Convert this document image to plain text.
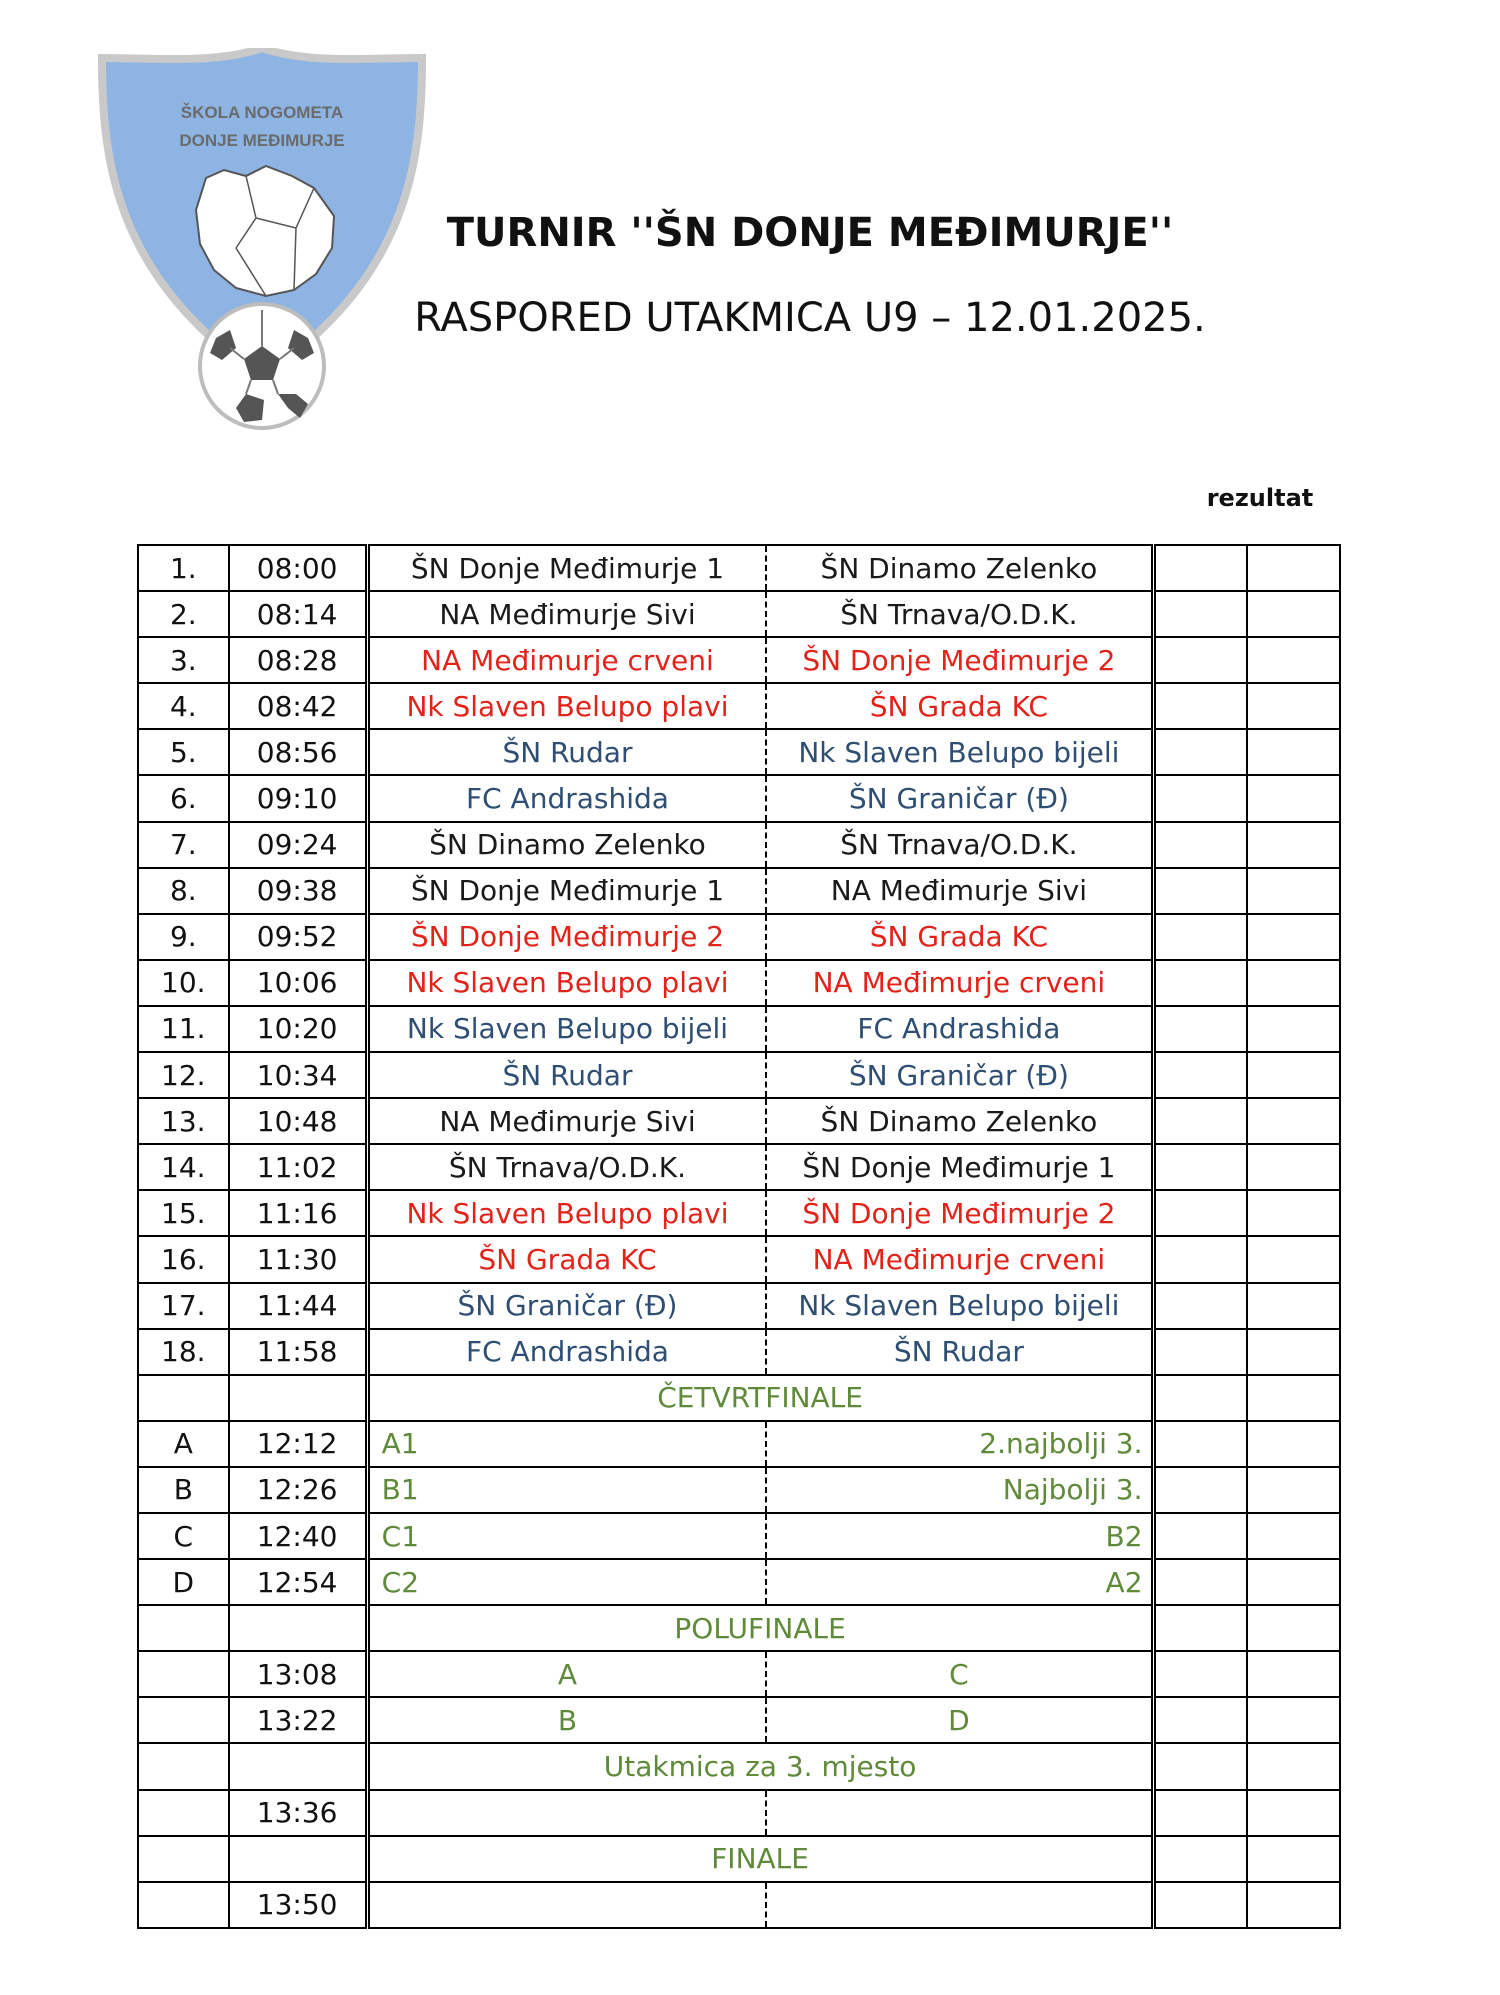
ŠKOLA NOGOMETA
DONJE MEĐIMURJE
TURNIR ''ŠN DONJE MEĐIMURJE''
RASPORED UTAKMICA U9 – 12.01.2025.
rezultat
1.	08:00	ŠN Donje Međimurje 1	ŠN Dinamo Zelenko		
2.	08:14	NA Međimurje Sivi	ŠN Trnava/O.D.K.		
3.	08:28	NA Međimurje crveni	ŠN Donje Međimurje 2		
4.	08:42	Nk Slaven Belupo plavi	ŠN Grada KC		
5.	08:56	ŠN Rudar	Nk Slaven Belupo bijeli		
6.	09:10	FC Andrashida	ŠN Graničar (Đ)		
7.	09:24	ŠN Dinamo Zelenko	ŠN Trnava/O.D.K.		
8.	09:38	ŠN Donje Međimurje 1	NA Međimurje Sivi		
9.	09:52	ŠN Donje Međimurje 2	ŠN Grada KC		
10.	10:06	Nk Slaven Belupo plavi	NA Međimurje crveni		
11.	10:20	Nk Slaven Belupo bijeli	FC Andrashida		
12.	10:34	ŠN Rudar	ŠN Graničar (Đ)		
13.	10:48	NA Međimurje Sivi	ŠN Dinamo Zelenko		
14.	11:02	ŠN Trnava/O.D.K.	ŠN Donje Međimurje 1		
15.	11:16	Nk Slaven Belupo plavi	ŠN Donje Međimurje 2		
16.	11:30	ŠN Grada KC	NA Međimurje crveni		
17.	11:44	ŠN Graničar (Đ)	Nk Slaven Belupo bijeli		
18.	11:58	FC Andrashida	ŠN Rudar		
		ČETVRTFINALE			
A	12:12	A1	2.najbolji 3.		
B	12:26	B1	Najbolji 3.		
C	12:40	C1	B2		
D	12:54	C2	A2		
		POLUFINALE			
	13:08	A	C		
	13:22	B	D		
		Utakmica za 3. mjesto			
	13:36				
		FINALE			
	13:50				
